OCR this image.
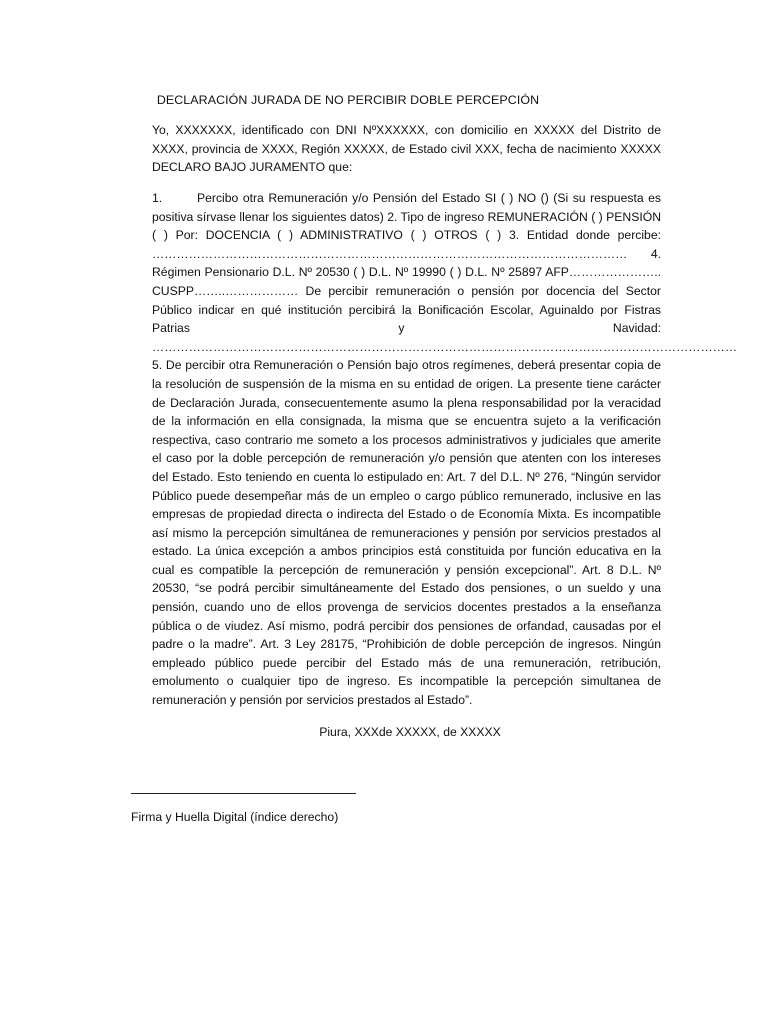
DECLARACIÓN JURADA DE NO PERCIBIR DOBLE PERCEPCIÓN
Yo, XXXXXXX, identificado con DNI NºXXXXXX, con domicilio en XXXXX del Distrito de XXXX, provincia de XXXX, Región XXXXX, de Estado civil XXX, fecha de nacimiento XXXXX DECLARO BAJO JURAMENTO que:
1.	Percibo otra Remuneración y/o Pensión del Estado SI ( ) NO () (Si su respuesta es positiva sírvase llenar los siguientes datos) 2. Tipo de ingreso REMUNERACIÓN ( ) PENSIÓN ( ) Por: DOCENCIA ( ) ADMINISTRATIVO ( ) OTROS ( ) 3. Entidad donde percibe: ……………………………………………………………………………………………………… 4. Régimen Pensionario D.L. Nº 20530 ( ) D.L. Nº 19990 ( ) D.L. Nº 25897 AFP………………….. CUSPP……..……………… De percibir remuneración o pensión por docencia del Sector Público indicar en qué institución percibirá la Bonificación Escolar, Aguinaldo por Fistras Patrias y Navidad: ……………………………………………………………………………………………………………………………… 5. De percibir otra Remuneración o Pensión bajo otros regímenes, deberá presentar copia de la resolución de suspensión de la misma en su entidad de origen. La presente tiene carácter de Declaración Jurada, consecuentemente asumo la plena responsabilidad por la veracidad de la información en ella consignada, la misma que se encuentra sujeto a la verificación respectiva, caso contrario me someto a los procesos administrativos y judiciales que amerite el caso por la doble percepción de remuneración y/o pensión que atenten con los intereses del Estado. Esto teniendo en cuenta lo estipulado en: Art. 7 del D.L. Nº 276, “Ningún servidor Público puede desempeñar más de un empleo o cargo público remunerado, inclusive en las empresas de propiedad directa o indirecta del Estado o de Economía Mixta. Es incompatible así mismo la percepción simultánea de remuneraciones y pensión por servicios prestados al estado. La única excepción a ambos principios está constituida por función educativa en la cual es compatible la percepción de remuneración y pensión excepcional”. Art. 8 D.L. Nº 20530, “se podrá percibir simultáneamente del Estado dos pensiones, o un sueldo y una pensión, cuando uno de ellos provenga de servicios docentes prestados a la enseñanza pública o de viudez. Así mismo, podrá percibir dos pensiones de orfandad, causadas por el padre o la madre”. Art. 3 Ley 28175, “Prohibición de doble percepción de ingresos. Ningún empleado público puede percibir del Estado más de una remuneración, retribución, emolumento o cualquier tipo de ingreso. Es incompatible la percepción simultanea de remuneración y pensión por servicios prestados al Estado”.
Piura, XXXde XXXXX, de XXXXX
Firma y Huella Digital (índice derecho)
